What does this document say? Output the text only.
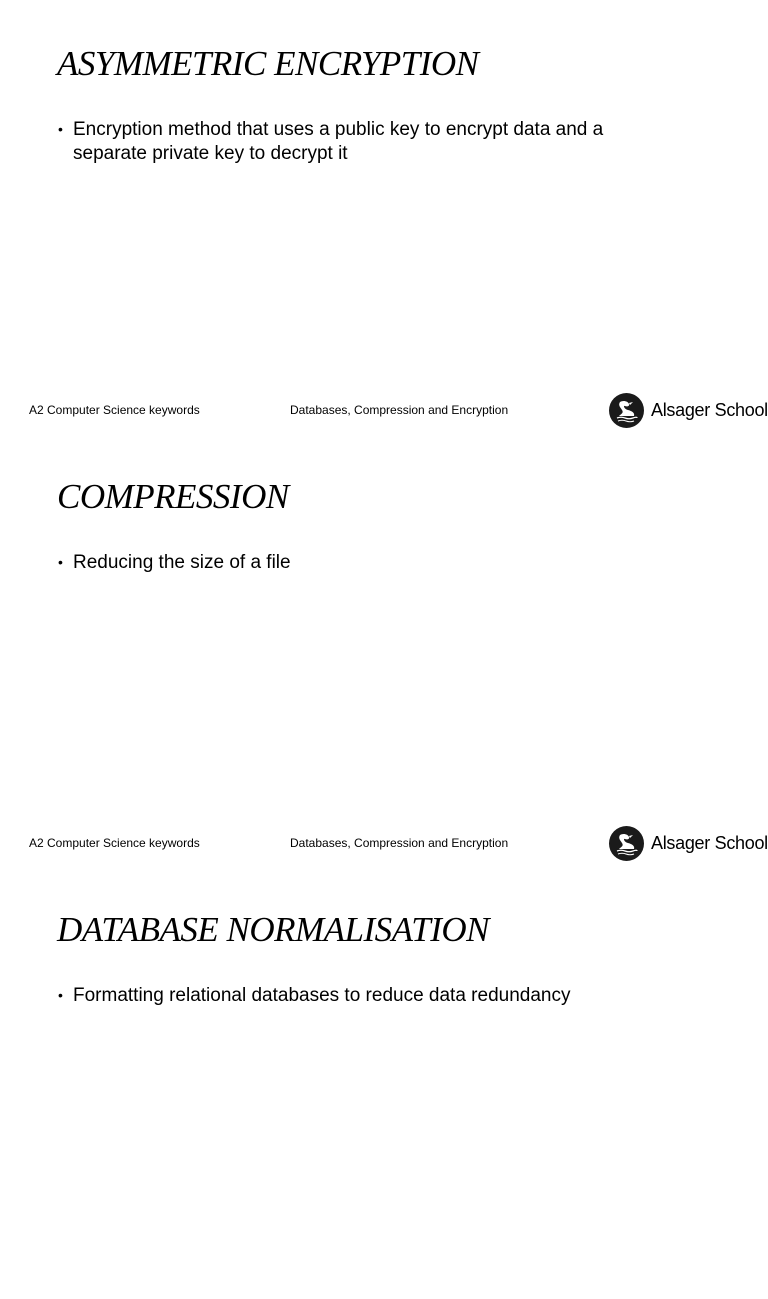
ASYMMETRIC ENCRYPTION
• Encryption method that uses a public key to encrypt data and a separate private key to decrypt it
A2 Computer Science keywords	Databases, Compression and Encryption	Alsager School
COMPRESSION
• Reducing the size of a file
A2 Computer Science keywords	Databases, Compression and Encryption	Alsager School
DATABASE NORMALISATION
• Formatting relational databases to reduce data redundancy
